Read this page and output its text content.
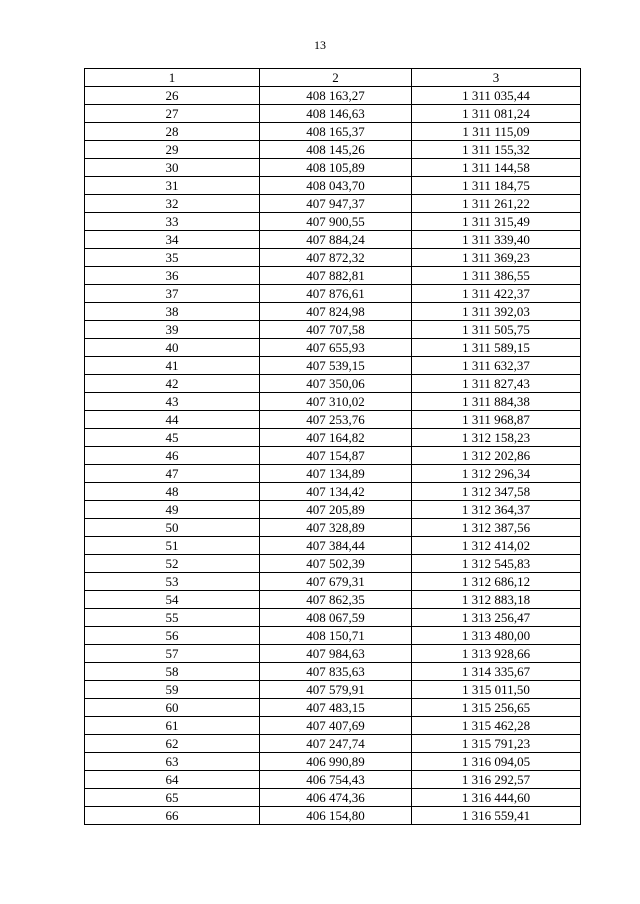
13
1	2	3
26	408 163,27	1 311 035,44
27	408 146,63	1 311 081,24
28	408 165,37	1 311 115,09
29	408 145,26	1 311 155,32
30	408 105,89	1 311 144,58
31	408 043,70	1 311 184,75
32	407 947,37	1 311 261,22
33	407 900,55	1 311 315,49
34	407 884,24	1 311 339,40
35	407 872,32	1 311 369,23
36	407 882,81	1 311 386,55
37	407 876,61	1 311 422,37
38	407 824,98	1 311 392,03
39	407 707,58	1 311 505,75
40	407 655,93	1 311 589,15
41	407 539,15	1 311 632,37
42	407 350,06	1 311 827,43
43	407 310,02	1 311 884,38
44	407 253,76	1 311 968,87
45	407 164,82	1 312 158,23
46	407 154,87	1 312 202,86
47	407 134,89	1 312 296,34
48	407 134,42	1 312 347,58
49	407 205,89	1 312 364,37
50	407 328,89	1 312 387,56
51	407 384,44	1 312 414,02
52	407 502,39	1 312 545,83
53	407 679,31	1 312 686,12
54	407 862,35	1 312 883,18
55	408 067,59	1 313 256,47
56	408 150,71	1 313 480,00
57	407 984,63	1 313 928,66
58	407 835,63	1 314 335,67
59	407 579,91	1 315 011,50
60	407 483,15	1 315 256,65
61	407 407,69	1 315 462,28
62	407 247,74	1 315 791,23
63	406 990,89	1 316 094,05
64	406 754,43	1 316 292,57
65	406 474,36	1 316 444,60
66	406 154,80	1 316 559,41
